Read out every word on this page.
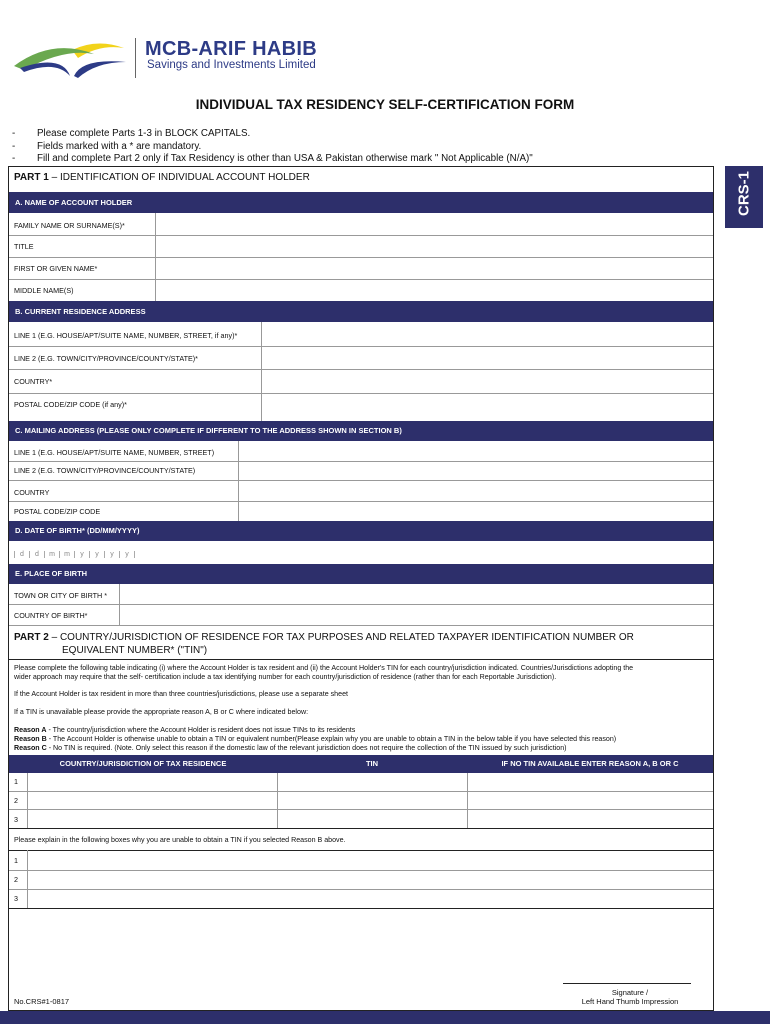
MCB-ARIF HABIB
Savings and Investments Limited
INDIVIDUAL TAX RESIDENCY SELF-CERTIFICATION FORM
-	Please complete Parts 1-3 in BLOCK CAPITALS.
-	Fields marked with a * are mandatory.
-	Fill and complete Part 2 only if Tax Residency is other than USA & Pakistan otherwise mark " Not Applicable (N/A)"
CRS-1
PART 1 – IDENTIFICATION OF INDIVIDUAL ACCOUNT HOLDER
A. NAME OF ACCOUNT HOLDER
FAMILY NAME OR SURNAME(S)*
TITLE
FIRST OR GIVEN NAME*
MIDDLE NAME(S)
B. CURRENT RESIDENCE ADDRESS
LINE 1 (E.G. HOUSE/APT/SUITE NAME, NUMBER, STREET, if any)*
LINE 2 (E.G. TOWN/CITY/PROVINCE/COUNTY/STATE)*
COUNTRY*
POSTAL CODE/ZIP CODE (if any)*
C. MAILING ADDRESS (PLEASE ONLY COMPLETE IF DIFFERENT TO THE ADDRESS SHOWN IN SECTION B)
LINE 1 (E.G. HOUSE/APT/SUITE NAME, NUMBER, STREET)
LINE 2 (E.G. TOWN/CITY/PROVINCE/COUNTY/STATE)
COUNTRY
POSTAL CODE/ZIP CODE
D. DATE OF BIRTH* (DD/MM/YYYY)
d d m m y y y y
E. PLACE OF BIRTH
TOWN OR CITY OF BIRTH *
COUNTRY OF BIRTH*
PART 2 – COUNTRY/JURISDICTION OF RESIDENCE FOR TAX PURPOSES AND RELATED TAXPAYER IDENTIFICATION NUMBER OR
EQUIVALENT NUMBER* ("TIN")
Please complete the following table indicating (i) where the Account Holder is tax resident and (ii) the Account Holder's TIN for each country/jurisdiction indicated. Countries/Jurisdictions adopting the
wider approach may require that the self- certification include a tax identifying number for each country/jurisdiction of residence (rather than for each Reportable Jurisdiction).
If the Account Holder is tax resident in more than three countries/jurisdictions, please use a separate sheet
If a TIN is unavailable please provide the appropriate reason A, B or C where indicated below:
Reason A - The country/jurisdiction where the Account Holder is resident does not issue TINs to its residents
Reason B - The Account Holder is otherwise unable to obtain a TIN or equivalent number(Please explain why you are unable to obtain a TIN in the below table if you have selected this reason)
Reason C - No TIN is required. (Note. Only select this reason if the domestic law of the relevant jurisdiction does not require the collection of the TIN issued by such jurisdiction)
COUNTRY/JURISDICTION OF TAX RESIDENCE	TIN	IF NO TIN AVAILABLE ENTER REASON A, B OR C
1
2
3
Please explain in the following boxes why you are unable to obtain a TIN if you selected Reason B above.
1
2
3
Signature /
Left Hand Thumb Impression
No.CRS#1-0817
